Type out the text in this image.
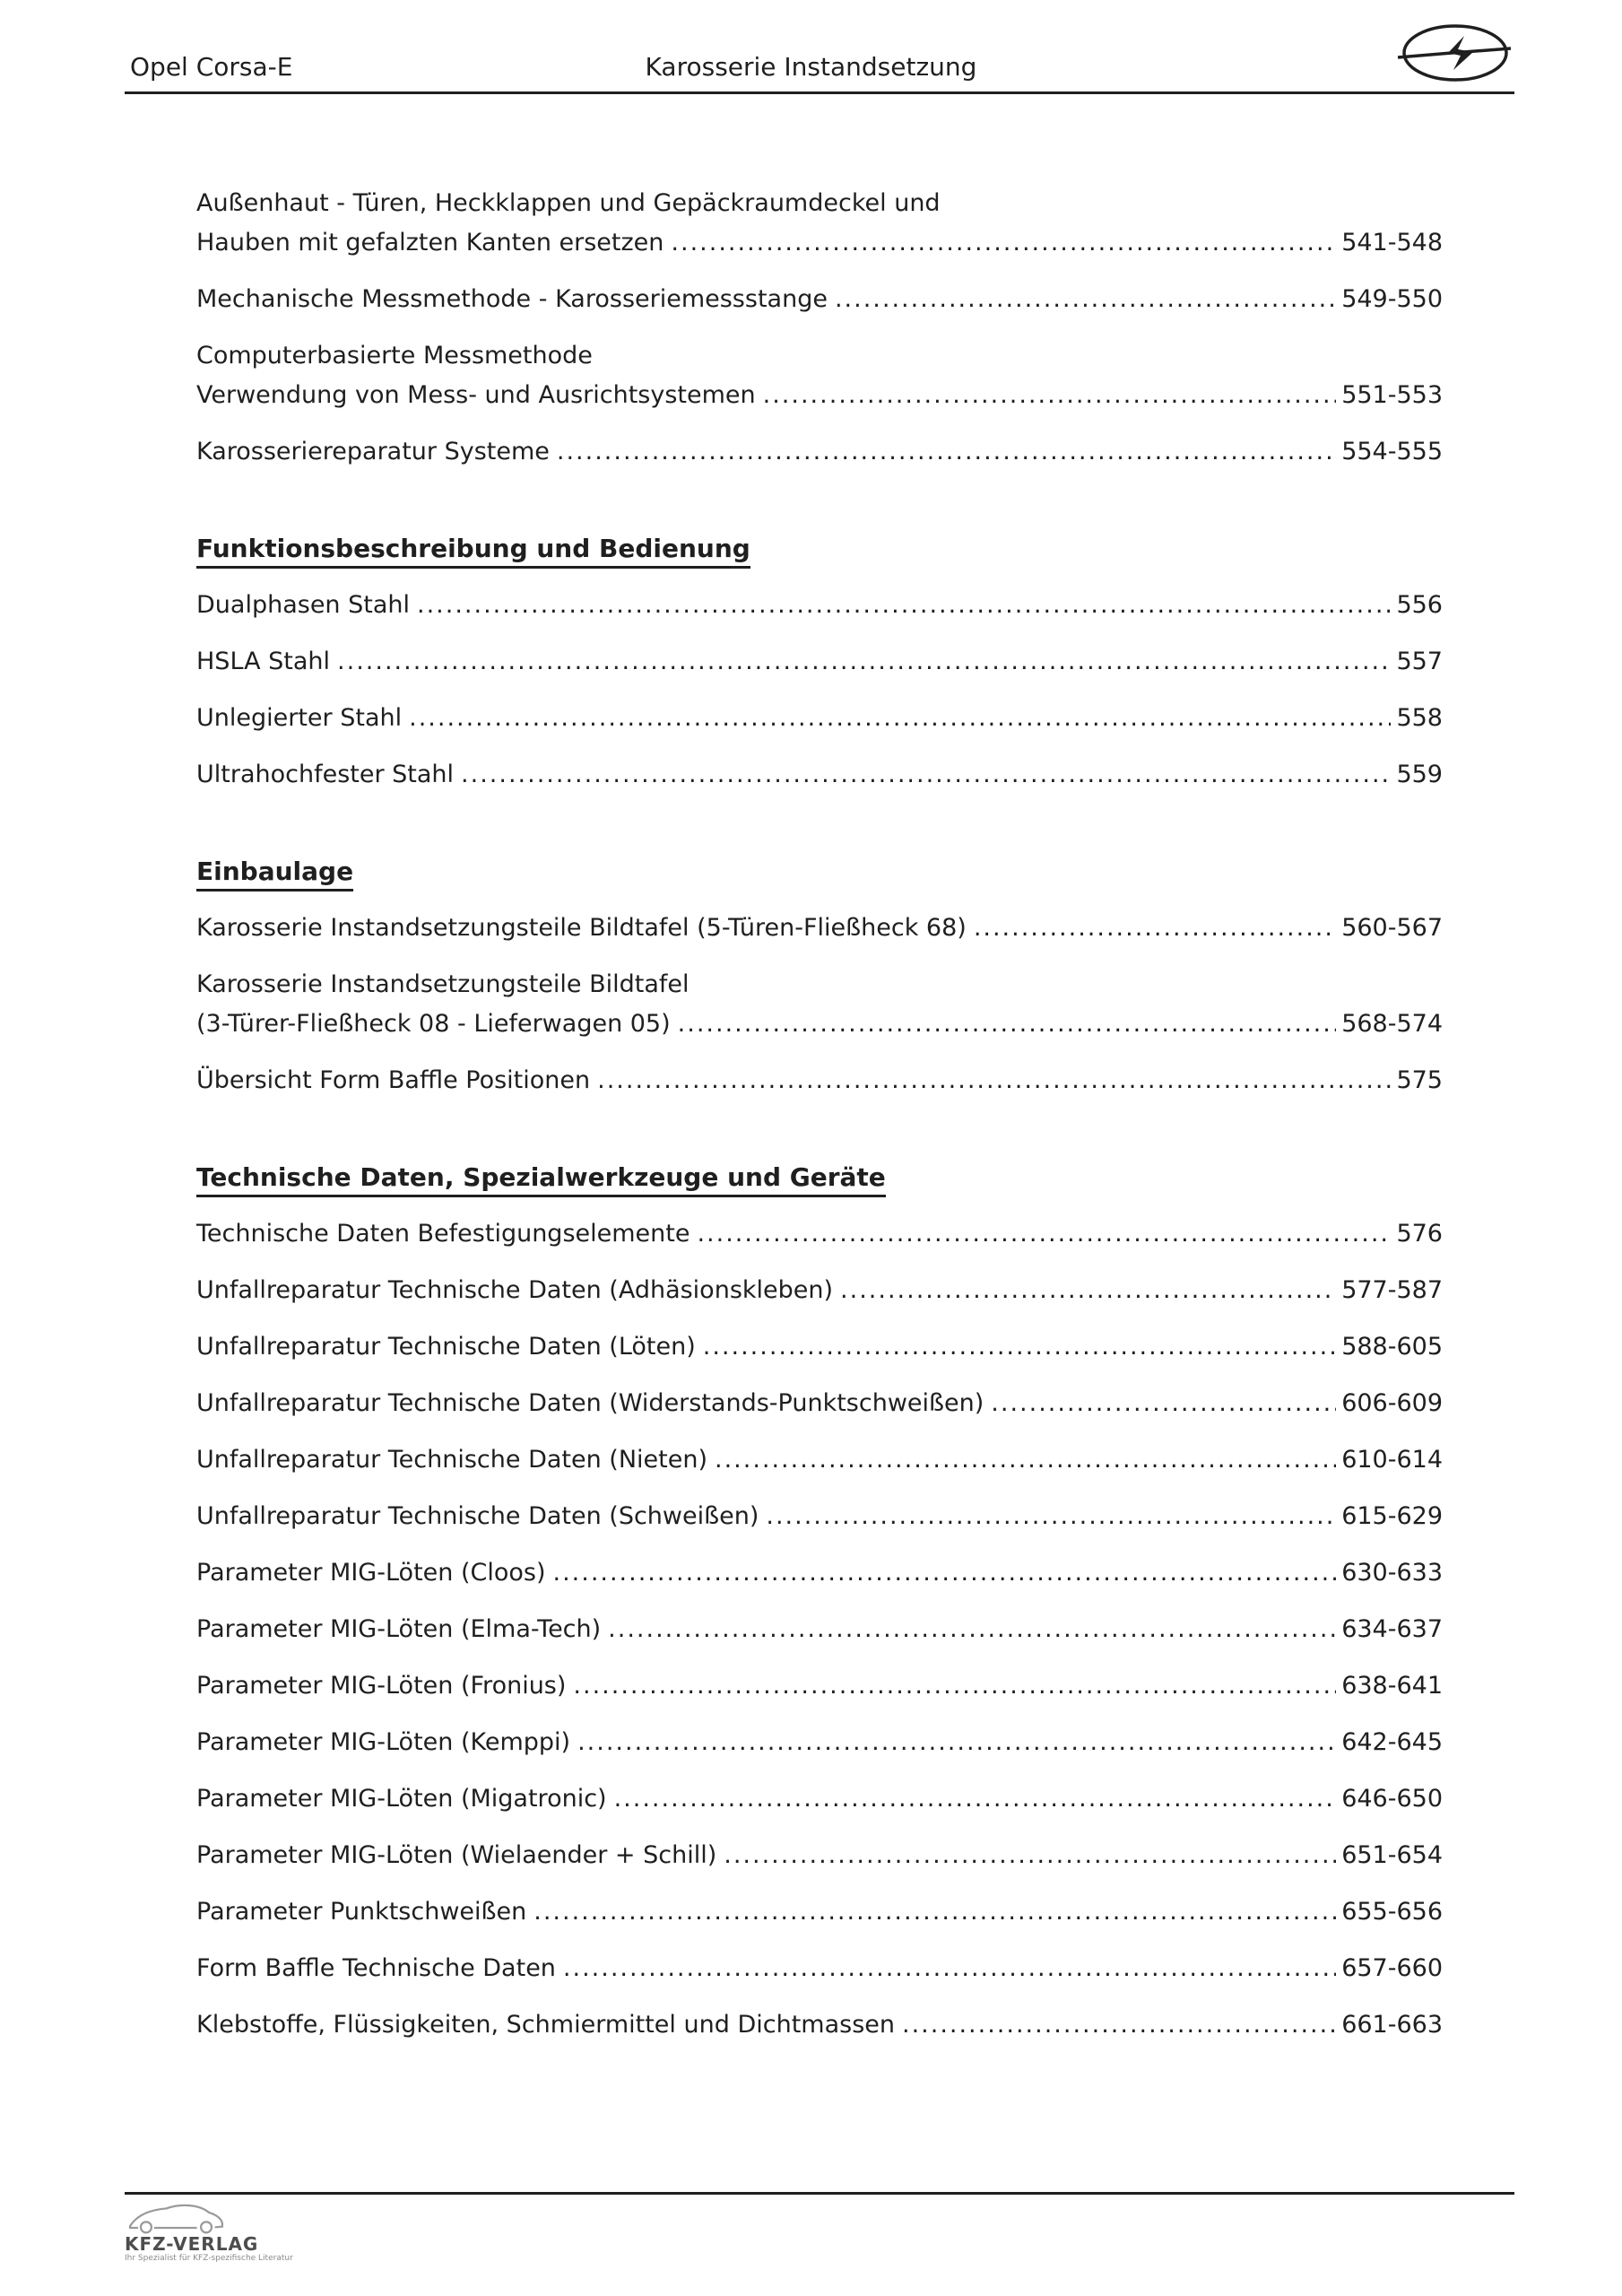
Opel Corsa-E	Karosserie Instandsetzung
Außenhaut - Türen, Heckklappen und Gepäckraumdeckel und
Hauben mit gefalzten Kanten ersetzen .....	541-548
Mechanische Messmethode - Karosseriemessstange .....	549-550
Computerbasierte Messmethode
Verwendung von Mess- und Ausrichtsystemen .....	551-553
Karosseriereparatur Systeme .....	554-555
Funktionsbeschreibung und Bedienung
Dualphasen Stahl .....	556
HSLA Stahl .....	557
Unlegierter Stahl .....	558
Ultrahochfester Stahl .....	559
Einbaulage
Karosserie Instandsetzungsteile Bildtafel (5-Türen-Fließheck 68) .....	560-567
Karosserie Instandsetzungsteile Bildtafel
(3-Türer-Fließheck 08 - Lieferwagen 05) .....	568-574
Übersicht Form Baffle Positionen .....	575
Technische Daten, Spezialwerkzeuge und Geräte
Technische Daten Befestigungselemente .....	576
Unfallreparatur Technische Daten (Adhäsionskleben) .....	577-587
Unfallreparatur Technische Daten (Löten) .....	588-605
Unfallreparatur Technische Daten (Widerstands-Punktschweißen) .....	606-609
Unfallreparatur Technische Daten (Nieten) .....	610-614
Unfallreparatur Technische Daten (Schweißen) .....	615-629
Parameter MIG-Löten (Cloos) .....	630-633
Parameter MIG-Löten (Elma-Tech) .....	634-637
Parameter MIG-Löten (Fronius) .....	638-641
Parameter MIG-Löten (Kemppi) .....	642-645
Parameter MIG-Löten (Migatronic) .....	646-650
Parameter MIG-Löten (Wielaender + Schill) .....	651-654
Parameter Punktschweißen .....	655-656
Form Baffle Technische Daten .....	657-660
Klebstoffe, Flüssigkeiten, Schmiermittel und Dichtmassen .....	661-663
KFZ-VERLAG
Ihr Spezialist für KFZ-spezifische Literatur
